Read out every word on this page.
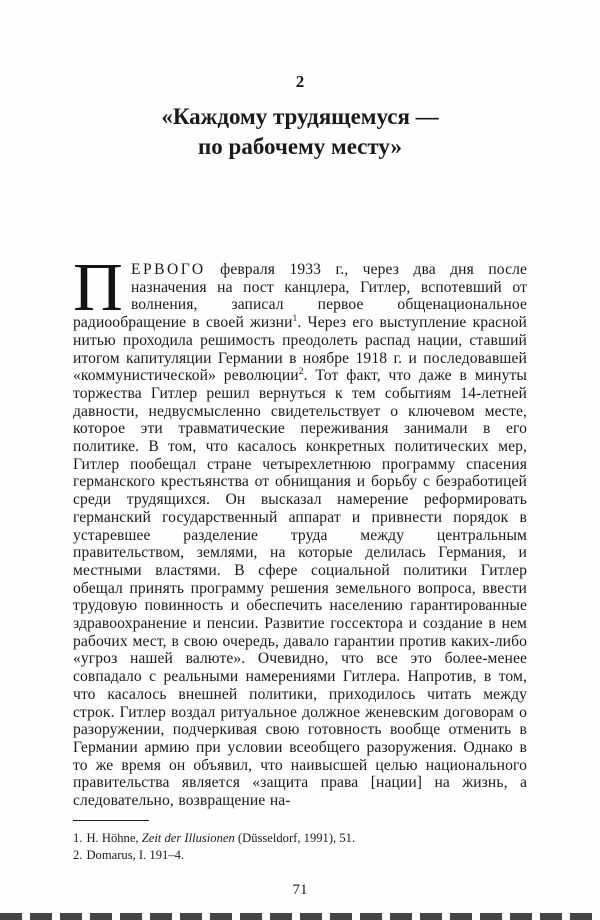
2
«Каждому трудящемуся —
по рабочему месту»

ПЕРВОГО февраля 1933 г., через два дня после назначения на пост канцлера, Гитлер, вспотевший от волнения, записал первое общенациональное радиообращение в своей жизни$^1$. Через его выступление красной нитью проходила решимость преодолеть распад нации, ставший итогом капитуляции Германии в ноябре 1918 г. и последовавшей «коммунистической» революции$^2$. Тот факт, что даже в минуты торжества Гитлер решил вернуться к тем событиям 14-летней давности, недвусмысленно свидетельствует о ключевом месте, которое эти травматические переживания занимали в его политике. В том, что касалось конкретных политических мер, Гитлер пообещал стране четырехлетнюю программу спасения германского крестьянства от обнищания и борьбу с безработицей среди трудящихся. Он высказал намерение реформировать германский государственный аппарат и привнести порядок в устаревшее разделение труда между центральным правительством, землями, на которые делилась Германия, и местными властями. В сфере социальной политики Гитлер обещал принять программу решения земельного вопроса, ввести трудовую повинность и обеспечить населению гарантированные здравоохранение и пенсии. Развитие госсектора и создание в нем рабочих мест, в свою очередь, давало гарантии против каких-либо «угроз нашей валюте». Очевидно, что все это более-менее совпадало с реальными намерениями Гитлера. Напротив, в том, что касалось внешней политики, приходилось читать между строк. Гитлер воздал ритуальное должное женевским договорам о разоружении, подчеркивая свою готовность вообще отменить в Германии армию при условии всеобщего разоружения. Однако в то же время он объявил, что наивысшей целью национального правительства является «защита права [нации] на жизнь, а следовательно, возвращение на-

1. H. Höhne, Zeit der Illusionen (Düsseldorf, 1991), 51.
2. Domarus, I. 191–4.
71
